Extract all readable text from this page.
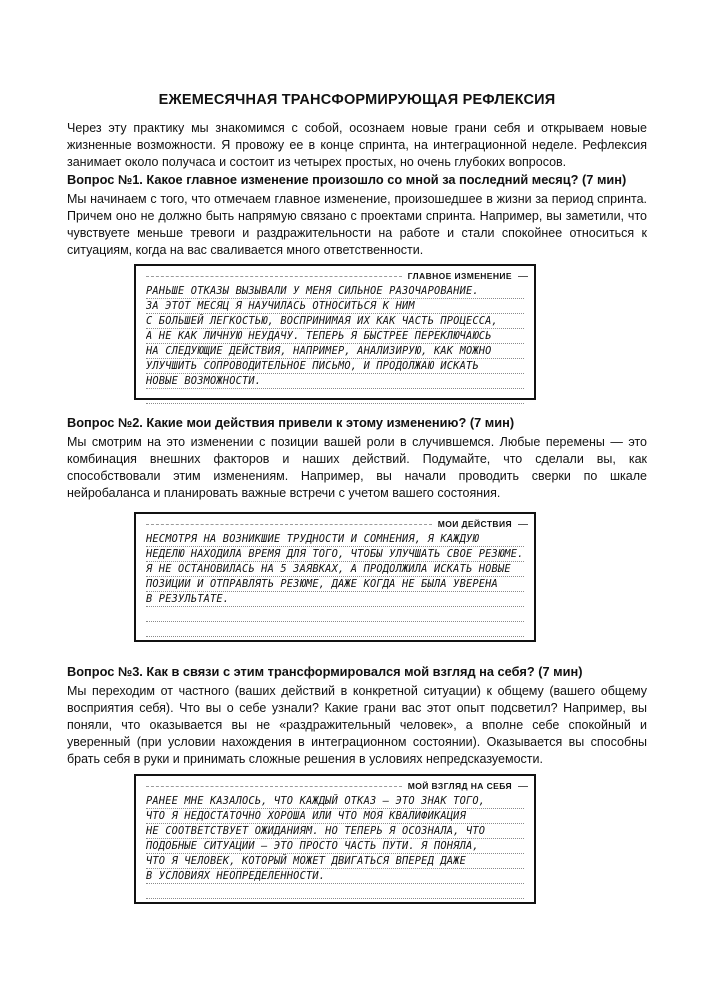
ЕЖЕМЕСЯЧНАЯ ТРАНСФОРМИРУЮЩАЯ РЕФЛЕКСИЯ

Через эту практику мы знакомимся с собой, осознаем новые грани себя и открываем новые жизненные возможности. Я провожу ее в конце спринта, на интеграционной неделе. Рефлексия занимает около получаса и состоит из четырех простых, но очень глубоких вопросов.

Вопрос №1. Какое главное изменение произошло со мной за последний месяц? (7 мин)

Мы начинаем с того, что отмечаем главное изменение, произошедшее в жизни за период спринта. Причем оно не должно быть напрямую связано с проектами спринта. Например, вы заметили, что чувствуете меньше тревоги и раздражительности на работе и стали спокойнее относиться к ситуациям, когда на вас сваливается много ответственности.

ГЛАВНОЕ ИЗМЕНЕНИЕ
РАНЬШЕ ОТКАЗЫ ВЫЗЫВАЛИ У МЕНЯ СИЛЬНОЕ РАЗОЧАРОВАНИЕ.
ЗА ЭТОТ МЕСЯЦ Я НАУЧИЛАСЬ ОТНОСИТЬСЯ К НИМ
С БОЛЬШЕЙ ЛЕГКОСТЬЮ, ВОСПРИНИМАЯ ИХ КАК ЧАСТЬ ПРОЦЕССА,
А НЕ КАК ЛИЧНУЮ НЕУДАЧУ. ТЕПЕРЬ Я БЫСТРЕЕ ПЕРЕКЛЮЧАЮСЬ
НА СЛЕДУЮЩИЕ ДЕЙСТВИЯ, НАПРИМЕР, АНАЛИЗИРУЮ, КАК МОЖНО
УЛУЧШИТЬ СОПРОВОДИТЕЛЬНОЕ ПИСЬМО, И ПРОДОЛЖАЮ ИСКАТЬ
НОВЫЕ ВОЗМОЖНОСТИ.

Вопрос №2. Какие мои действия привели к этому изменению? (7 мин)

Мы смотрим на это изменении с позиции вашей роли в случившемся. Любые перемены — это комбинация внешних факторов и наших действий. Подумайте, что сделали вы, как способствовали этим изменениям. Например, вы начали проводить сверки по шкале нейробаланса и планировать важные встречи с учетом вашего состояния.

МОИ ДЕЙСТВИЯ
НЕСМОТРЯ НА ВОЗНИКШИЕ ТРУДНОСТИ И СОМНЕНИЯ, Я КАЖДУЮ
НЕДЕЛЮ НАХОДИЛА ВРЕМЯ ДЛЯ ТОГО, ЧТОБЫ УЛУЧШАТЬ СВОЕ РЕЗЮМЕ.
Я НЕ ОСТАНОВИЛАСЬ НА 5 ЗАЯВКАХ, А ПРОДОЛЖИЛА ИСКАТЬ НОВЫЕ
ПОЗИЦИИ И ОТПРАВЛЯТЬ РЕЗЮМЕ, ДАЖЕ КОГДА НЕ БЫЛА УВЕРЕНА
В РЕЗУЛЬТАТЕ.

Вопрос №3. Как в связи с этим трансформировался мой взгляд на себя? (7 мин)

Мы переходим от частного (ваших действий в конкретной ситуации) к общему (вашего общему восприятия себя). Что вы о себе узнали? Какие грани вас этот опыт подсветил? Например, вы поняли, что оказывается вы не «раздражительный человек», а вполне себе спокойный и уверенный (при условии нахождения в интеграционном состоянии). Оказывается вы способны брать себя в руки и принимать сложные решения в условиях непредсказуемости.

МОЙ ВЗГЛЯД НА СЕБЯ
РАНЕЕ МНЕ КАЗАЛОСЬ, ЧТО КАЖДЫЙ ОТКАЗ — ЭТО ЗНАК ТОГО,
ЧТО Я НЕДОСТАТОЧНО ХОРОША ИЛИ ЧТО МОЯ КВАЛИФИКАЦИЯ
НЕ СООТВЕТСТВУЕТ ОЖИДАНИЯМ. НО ТЕПЕРЬ Я ОСОЗНАЛА, ЧТО
ПОДОБНЫЕ СИТУАЦИИ — ЭТО ПРОСТО ЧАСТЬ ПУТИ. Я ПОНЯЛА,
ЧТО Я ЧЕЛОВЕК, КОТОРЫЙ МОЖЕТ ДВИГАТЬСЯ ВПЕРЕД ДАЖЕ
В УСЛОВИЯХ НЕОПРЕДЕЛЕННОСТИ.
